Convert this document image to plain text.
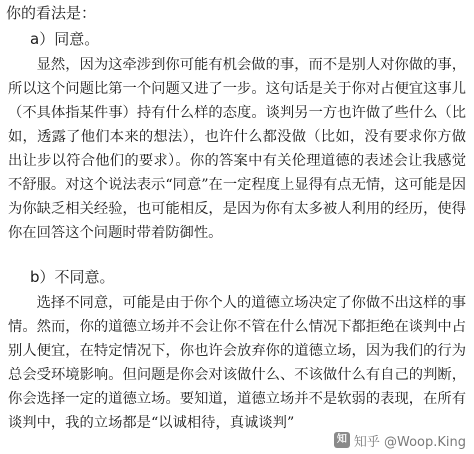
你的看法是：
a）同意。

显然，因为这牵涉到你可能有机会做的事，而不是别人对你做的事，所以这个问题比第一个问题又进了一步。这句话是关于你对占便宜这事儿（不具体指某件事）持有什么样的态度。谈判另一方也许做了些什么（比如，透露了他们本来的想法），也许什么都没做（比如，没有要求你方做出让步以符合他们的要求）。你的答案中有关伦理道德的表述会让我感觉不舒服。对这个说法表示“同意”在一定程度上显得有点无情，这可能是因为你缺乏相关经验，也可能相反，是因为你有太多被人利用的经历，使得你在回答这个问题时带着防御性。

b）不同意。

选择不同意，可能是由于你个人的道德立场决定了你做不出这样的事情。然而，你的道德立场并不会让你不管在什么情况下都拒绝在谈判中占别人便宜，在特定情况下，你也许会放弃你的道德立场，因为我们的行为总会受环境影响。但问题是你会对该做什么、不该做什么有自己的判断，你会选择一定的道德立场。要知道，道德立场并不是软弱的表现，在所有谈判中，我的立场都是“以诚相待，真诚谈判”

知 知乎 @Woop.King
